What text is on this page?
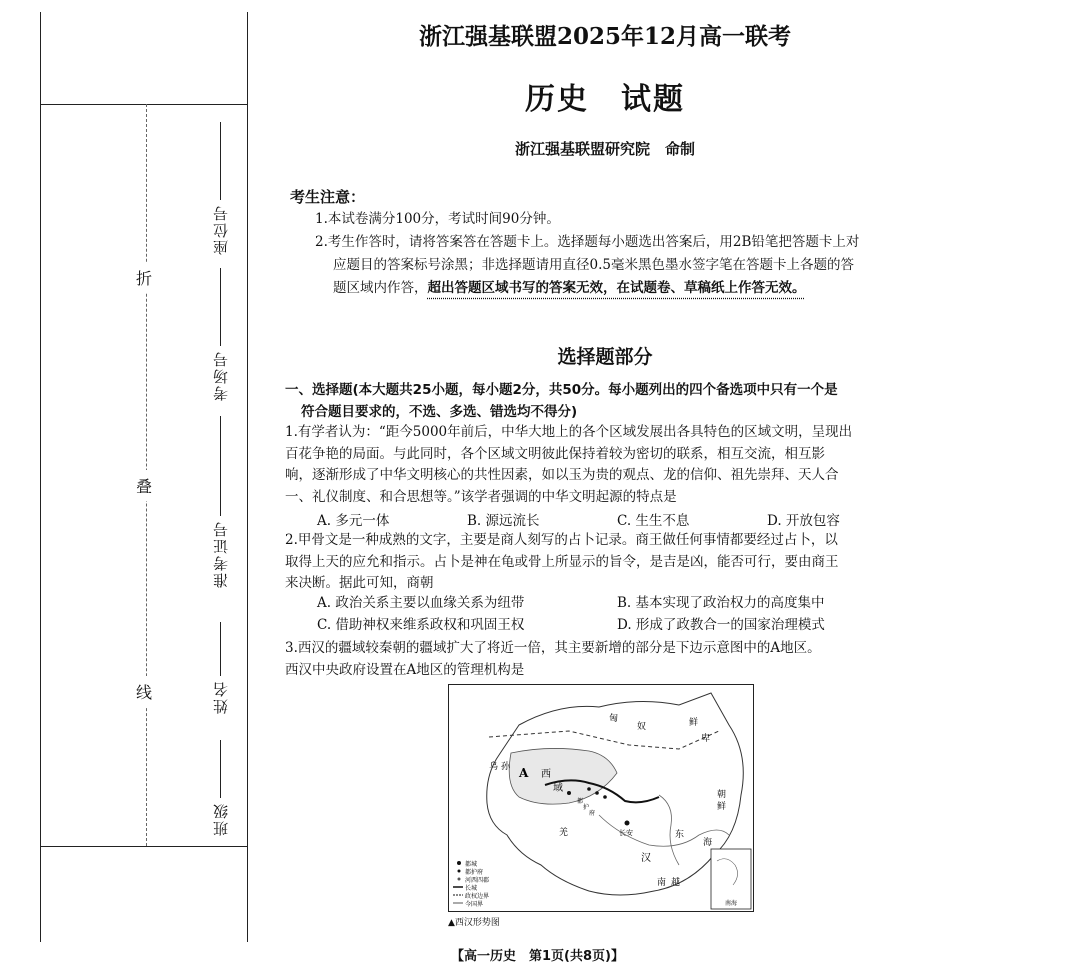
折
叠
线
座位号
考场号
准考证号
姓名
班级
浙江强基联盟2025年12月高一联考
历史　试题
浙江强基联盟研究院　命制
考生注意：
1.本试卷满分100分，考试时间90分钟。
2.考生作答时，请将答案答在答题卡上。选择题每小题选出答案后，用2B铅笔把答题卡上对

应题目的答案标号涂黑；非选择题请用直径0.5毫米黑色墨水签字笔在答题卡上各题的答
题区域内作答，超出答题区域书写的答案无效，在试题卷、草稿纸上作答无效。
选择题部分
一、选择题(本大题共25小题，每小题2分，共50分。每小题列出的四个备选项中只有一个是
符合题目要求的，不选、多选、错选均不得分)
1.有学者认为：“距今5000年前后，中华大地上的各个区域发展出各具特色的区域文明，呈现出

百花争艳的局面。与此同时，各个区域文明彼此保持着较为密切的联系，相互交流，相互影
响，逐渐形成了中华文明核心的共性因素，如以玉为贵的观点、龙的信仰、祖先崇拜、天人合
一、礼仪制度、和合思想等。”该学者强调的中华文明起源的特点是
A. 多元一体	B. 源远流长	C. 生生不息	D. 开放包容
2.甲骨文是一种成熟的文字，主要是商人刻写的占卜记录。商王做任何事情都要经过占卜，以
取得上天的应允和指示。占卜是神在龟或骨上所显示的旨令，是吉是凶，能否可行，要由商王
来决断。据此可知，商朝
A. 政治关系主要以血缘关系为纽带	B. 基本实现了政治权力的高度集中
C. 借助神权来维系政权和巩固王权	D. 形成了政教合一的国家治理模式
3.西汉的疆域较秦朝的疆域扩大了将近一倍，其主要新增的部分是下边示意图中的A地区。
西汉中央政府设置在A地区的管理机构是
匈
奴	鲜
卑
乌 孙
西
域
A
长安
汉
朝
鲜
海
东
南 越
羌
都
护
府
都城
都护府
河西四郡
长城
政权边界
今国界	南海
▲西汉形势图
【高一历史　第1页(共8页)】
